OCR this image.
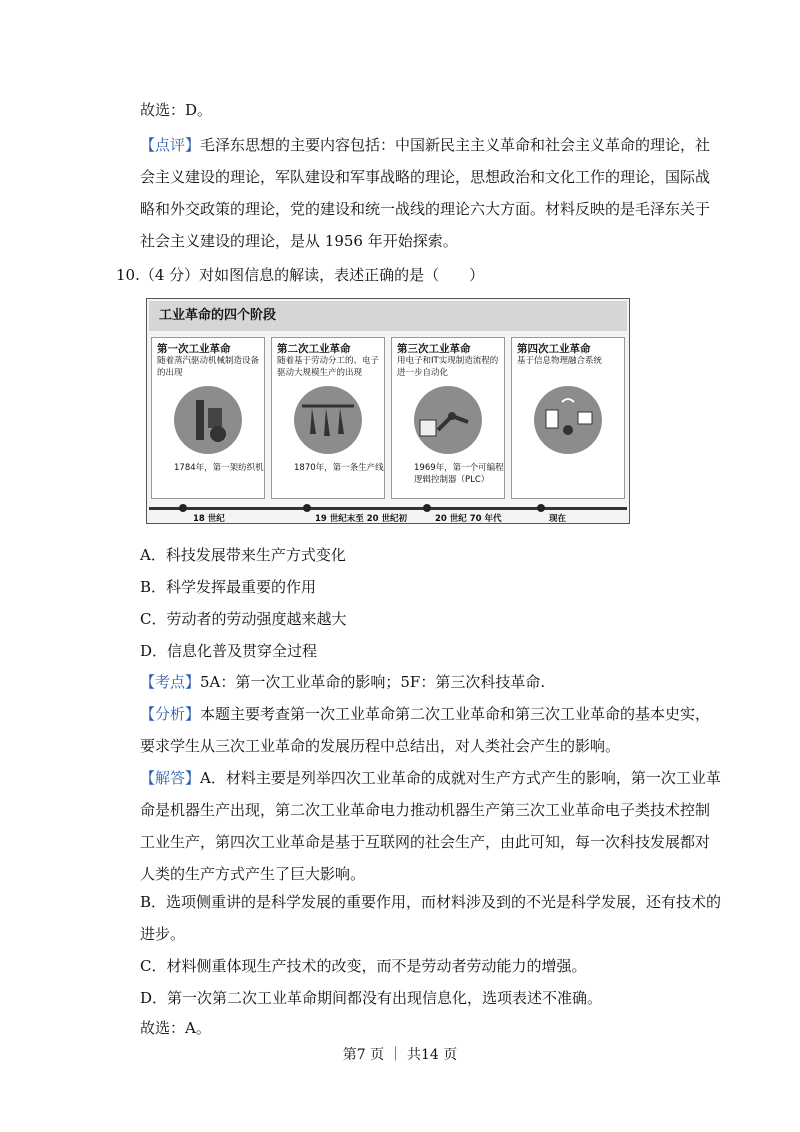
故选：D。
【点评】毛泽东思想的主要内容包括：中国新民主主义革命和社会主义革命的理论，社
会主义建设的理论，军队建设和军事战略的理论，思想政治和文化工作的理论，国际战
略和外交政策的理论，党的建设和统一战线的理论六大方面。材料反映的是毛泽东关于
社会主义建设的理论，是从 1956 年开始探索。
10.（4 分）对如图信息的解读，表述正确的是（　　）
工业革命的四个阶段
第一次工业革命
随着蒸汽驱动机械制造设备的出现
1784年，第一架纺织机
第二次工业革命
随着基于劳动分工的、电子驱动大规模生产的出现
1870年，第一条生产线
第三次工业革命
用电子和IT实现制造流程的进一步自动化
1969年，第一个可编程逻辑控制器（PLC）
第四次工业革命
基于信息物理融合系统
18 世纪	19 世纪末至 20 世纪初	20 世纪 70 年代	现在
A．科技发展带来生产方式变化
B．科学发挥最重要的作用
C．劳动者的劳动强度越来越大
D．信息化普及贯穿全过程
【考点】5A：第一次工业革命的影响；5F：第三次科技革命.
【分析】本题主要考查第一次工业革命第二次工业革命和第三次工业革命的基本史实，
要求学生从三次工业革命的发展历程中总结出，对人类社会产生的影响。
【解答】A．材料主要是列举四次工业革命的成就对生产方式产生的影响，第一次工业革
命是机器生产出现，第二次工业革命电力推动机器生产第三次工业革命电子类技术控制
工业生产，第四次工业革命是基于互联网的社会生产，由此可知，每一次科技发展都对
人类的生产方式产生了巨大影响。
B．选项侧重讲的是科学发展的重要作用，而材料涉及到的不光是科学发展，还有技术的
进步。
C．材料侧重体现生产技术的改变，而不是劳动者劳动能力的增强。
D．第一次第二次工业革命期间都没有出现信息化，选项表述不准确。
故选：A。
第7 页 ｜ 共14 页
